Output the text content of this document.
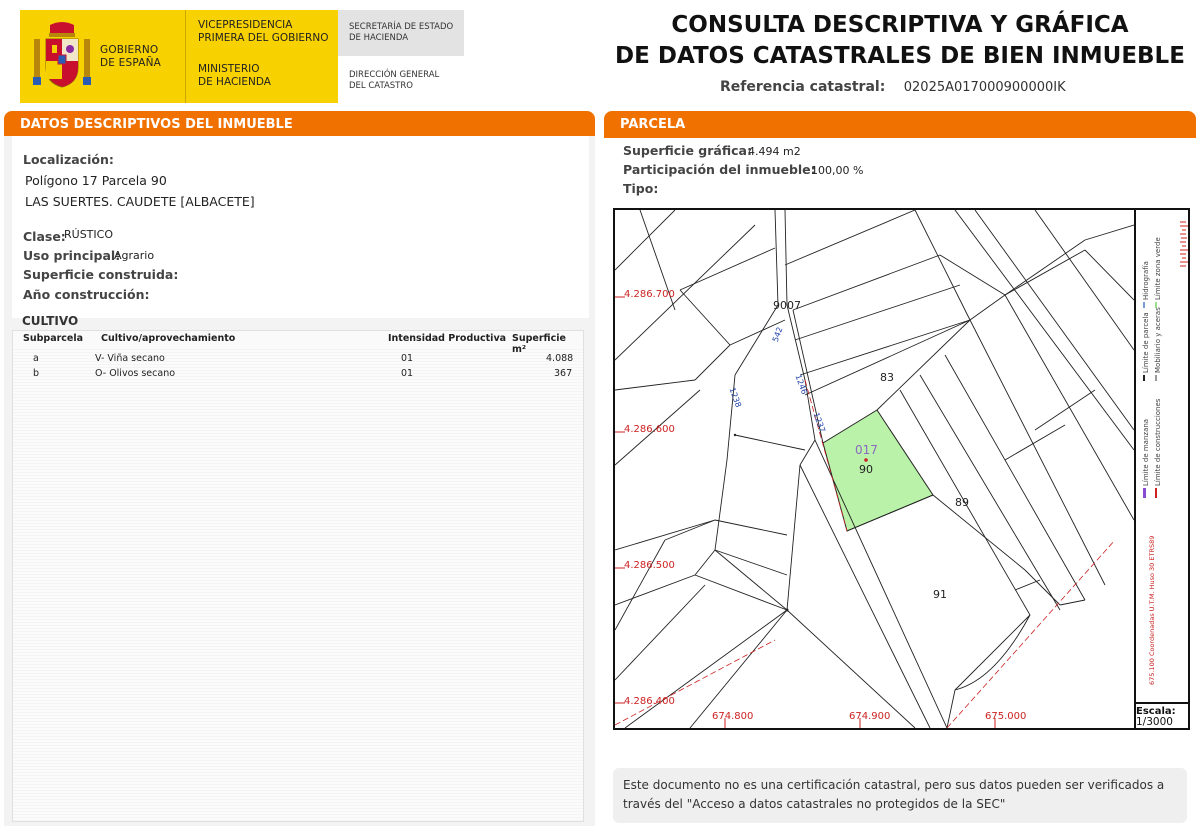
GOBIERNO
DE ESPAÑA
VICEPRESIDENCIA
PRIMERA DEL GOBIERNO
MINISTERIO
DE HACIENDA
SECRETARÍA DE ESTADO
DE HACIENDA
DIRECCIÓN GENERAL
DEL CATASTRO
CONSULTA DESCRIPTIVA Y GRÁFICA
DE DATOS CATASTRALES DE BIEN INMUEBLE
Referencia catastral: 02025A017000900000IK
DATOS DESCRIPTIVOS DEL INMUEBLE	PARCELA
Localización:
Polígono 17 Parcela 90
LAS SUERTES. CAUDETE [ALBACETE]
Clase:
RÚSTICO
Uso principal:
Agrario
Superficie construida:
Año construcción:
CULTIVO
Subparcela Cultivo/aprovechamiento	Intensidad Productiva Superficie m²
a	V- Viña secano	01	4.088
b	O- Olivos secano	01	367
Superficie gráfica:
4.494 m2
Participación del inmueble:
100,00 %
Tipo:
4.286.700
4.286.600
4.286.500
4.286.400
674.800	674.900	675.000
9007
83
017
90
89
91
542
1238
1246
1237
Hidrografía Límite zona verde
Límite de parcela Mobiliario y aceras
Límite de manzana Límite de construcciones
675.100 Coordenadas U.T.M. Huso 30 ETRS89
Escala:
1/3000
Este documento no es una certificación catastral, pero sus datos pueden ser verificados a
través del "Acceso a datos catastrales no protegidos de la SEC"
